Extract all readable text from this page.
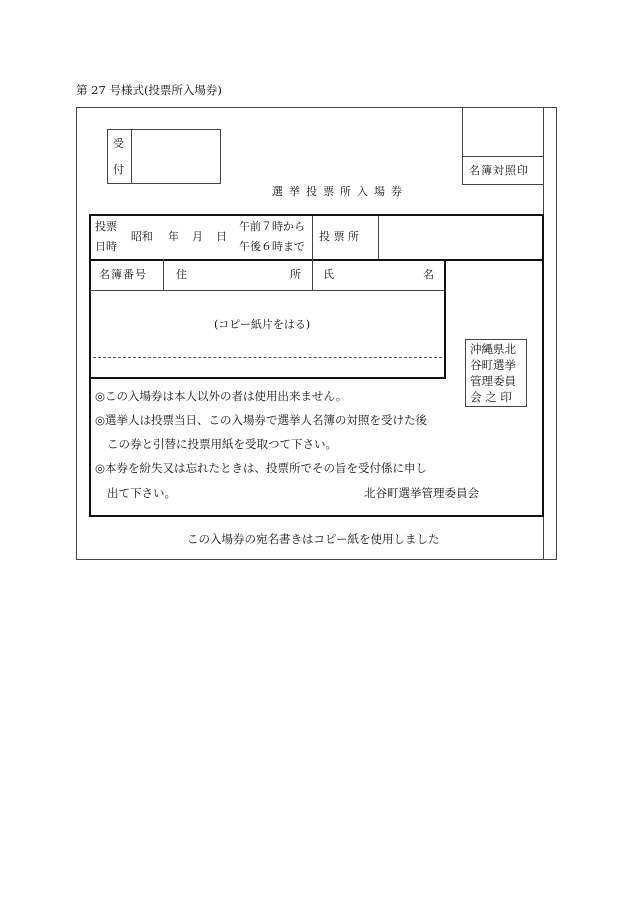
第 27 号様式(投票所入場券)
名簿対照印
受
付
選挙投票所入場券
投票
日時
昭和 年 月 日
午前７時から
午後６時まで
投 票 所
名簿番号	住	所 氏	名
(コピー紙片をはる)
沖縄県北
谷町選挙
管理委員
会 之 印
◎この入場券は本人以外の者は使用出来ません。
◎選挙人は投票当日、この入場券で選挙人名簿の対照を受けた後
この券と引替に投票用紙を受取つて下さい。
◎本券を紛失又は忘れたときは、投票所でその旨を受付係に申し
出て下さい。	北谷町選挙管理委員会
この入場券の宛名書きはコピー紙を使用しました
